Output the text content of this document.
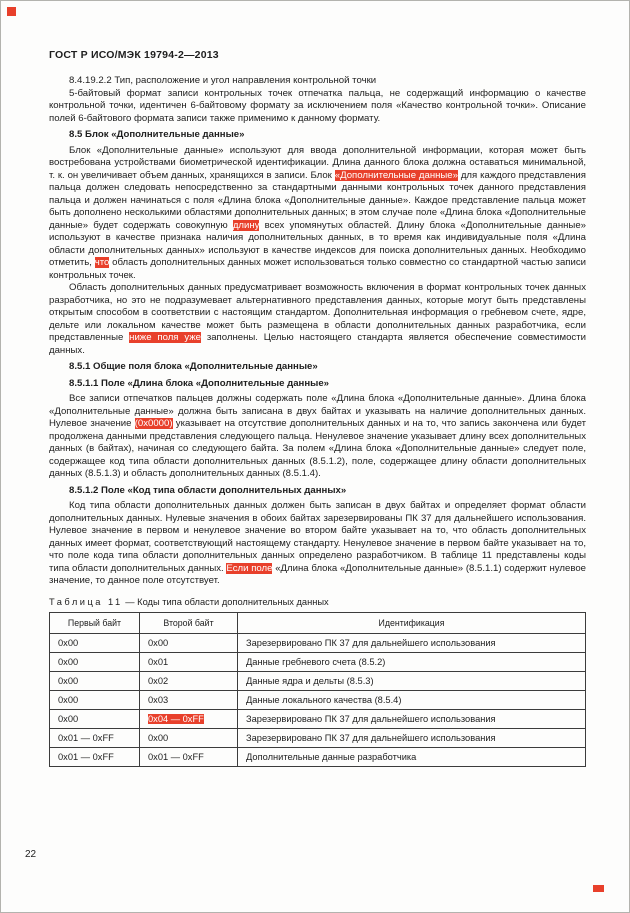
ГОСТ Р ИСО/МЭК 19794-2—2013

8.4.19.2.2 Тип, расположение и угол направления контрольной точки

5-байтовый формат записи контрольных точек отпечатка пальца, не содержащий информацию о качестве контрольной точки, идентичен 6-байтовому формату за исключением поля «Качество контрольной точки». Описание полей 6-байтового формата записи также применимо к данному формату.

8.5 Блок «Дополнительные данные»

Блок «Дополнительные данные» используют для ввода дополнительной информации, которая может быть востребована устройствами биометрической идентификации. Длина данного блока должна оставаться минимальной, т. к. он увеличивает объем данных, хранящихся в записи. Блок «Дополнительные данные» для каждого представления пальца должен следовать непосредственно за стандартными данными контрольных точек данного представления пальца и должен начинаться с поля «Длина блока «Дополнительные данные». Каждое представление пальца может быть дополнено несколькими областями дополнительных данных; в этом случае поле «Длина блока «Дополнительные данные» будет содержать совокупную длину всех упомянутых областей. Длину блока «Дополнительные данные» используют в качестве признака наличия дополнительных данных, в то время как индивидуальные поля «Длина области дополнительных данных» используют в качестве индексов для поиска дополнительных данных. Необходимо отметить, что область дополнительных данных может использоваться только совместно со стандартной частью записи контрольных точек.

Область дополнительных данных предусматривает возможность включения в формат контрольных точек данных разработчика, но это не подразумевает альтернативного представления данных, которые могут быть представлены открытым способом в соответствии с настоящим стандартом. Дополнительная информация о гребневом счете, ядре, дельте или локальном качестве может быть размещена в области дополнительных данных разработчика, если представленные ниже поля уже заполнены. Целью настоящего стандарта является обеспечение совместимости данных.

8.5.1 Общие поля блока «Дополнительные данные»

8.5.1.1 Поле «Длина блока «Дополнительные данные»

Все записи отпечатков пальцев должны содержать поле «Длина блока «Дополнительные данные». Длина блока «Дополнительные данные» должна быть записана в двух байтах и указывать на наличие дополнительных данных. Нулевое значение (0x0000) указывает на отсутствие дополнительных данных и на то, что запись закончена или будет продолжена данными представления следующего пальца. Ненулевое значение указывает длину всех дополнительных данных (в байтах), начиная со следующего байта. За полем «Длина блока «Дополнительные данные» следует поле, содержащее код типа области дополнительных данных (8.5.1.2), поле, содержащее длину области дополнительных данных (8.5.1.3) и область дополнительных данных (8.5.1.4).

8.5.1.2 Поле «Код типа области дополнительных данных»

Код типа области дополнительных данных должен быть записан в двух байтах и определяет формат области дополнительных данных. Нулевые значения в обоих байтах зарезервированы ПК 37 для дальнейшего использования. Нулевое значение в первом и ненулевое значение во втором байте указывает на то, что область дополнительных данных имеет формат, соответствующий настоящему стандарту. Ненулевое значение в первом байте указывает на то, что поле кода типа области дополнительных данных определено разработчиком. В таблице 11 представлены коды типа области дополнительных данных. Если поле «Длина блока «Дополнительные данные» (8.5.1.1) содержит нулевое значение, то данное поле отсутствует.

Таблица 11 — Коды типа области дополнительных данных

Первый байт	Второй байт	Идентификация
0x00	0x00	Зарезервировано ПК 37 для дальнейшего использования
0x00	0x01	Данные гребневого счета (8.5.2)
0x00	0x02	Данные ядра и дельты (8.5.3)
0x00	0x03	Данные локального качества (8.5.4)
0x00	0x04 — 0xFF	Зарезервировано ПК 37 для дальнейшего использования
0x01 — 0xFF	0x00	Зарезервировано ПК 37 для дальнейшего использования
0x01 — 0xFF	0x01 — 0xFF	Дополнительные данные разработчика
22
